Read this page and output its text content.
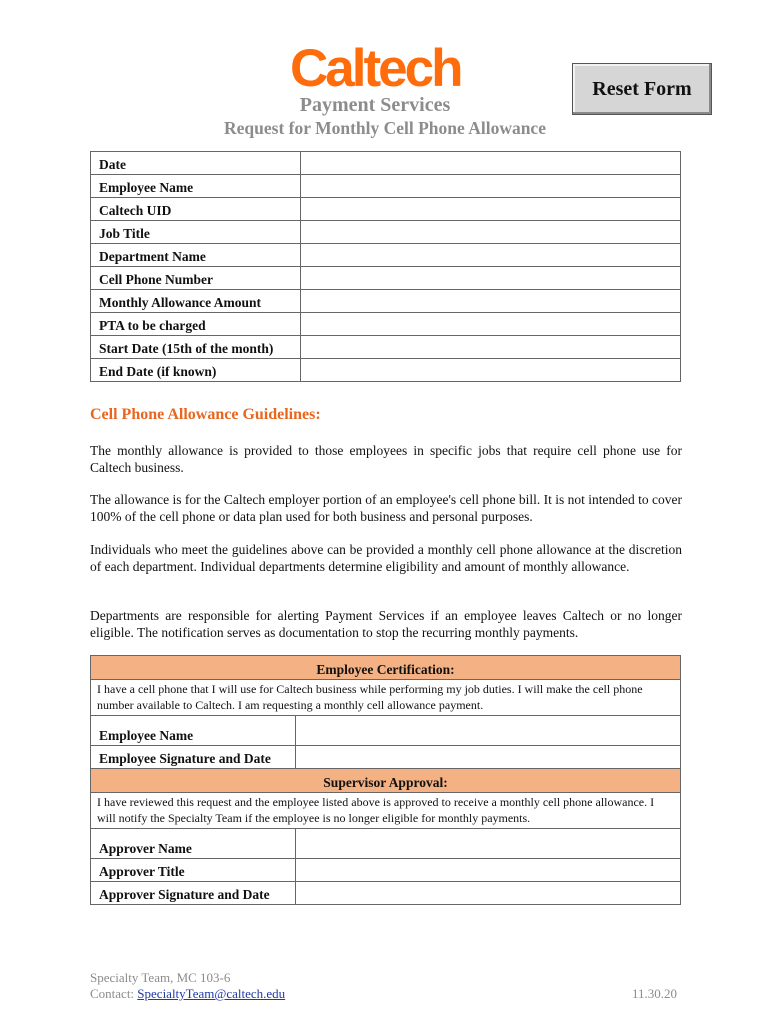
Caltech	Reset Form
Payment Services
Request for Monthly Cell Phone Allowance
Date	
Employee Name	
Caltech UID	
Job Title	
Department Name	
Cell Phone Number	
Monthly Allowance Amount	
PTA to be charged	
Start Date (15th of the month)	
End Date (if known)	
Cell Phone Allowance Guidelines:
The monthly allowance is provided to those employees in specific jobs that require cell phone use for Caltech business.
The allowance is for the Caltech employer portion of an employee's cell phone bill. It is not intended to cover 100% of the cell phone or data plan used for both business and personal purposes.
Individuals who meet the guidelines above can be provided a monthly cell phone allowance at the discretion of each department. Individual departments determine eligibility and amount of monthly allowance.
Departments are responsible for alerting Payment Services if an employee leaves Caltech or no longer eligible. The notification serves as documentation to stop the recurring monthly payments.
Employee Certification:	
I have a cell phone that I will use for Caltech business while performing my job duties. I will make the cell phone number available to Caltech. I am requesting a monthly cell allowance payment.	
Employee Name	
Employee Signature and Date	
Supervisor Approval:	
I have reviewed this request and the employee listed above is approved to receive a monthly cell phone allowance. I will notify the Specialty Team if the employee is no longer eligible for monthly payments.	
Approver Name	
Approver Title	
Approver Signature and Date	
Specialty Team, MC 103-6
Contact: SpecialtyTeam@caltech.edu	11.30.20
